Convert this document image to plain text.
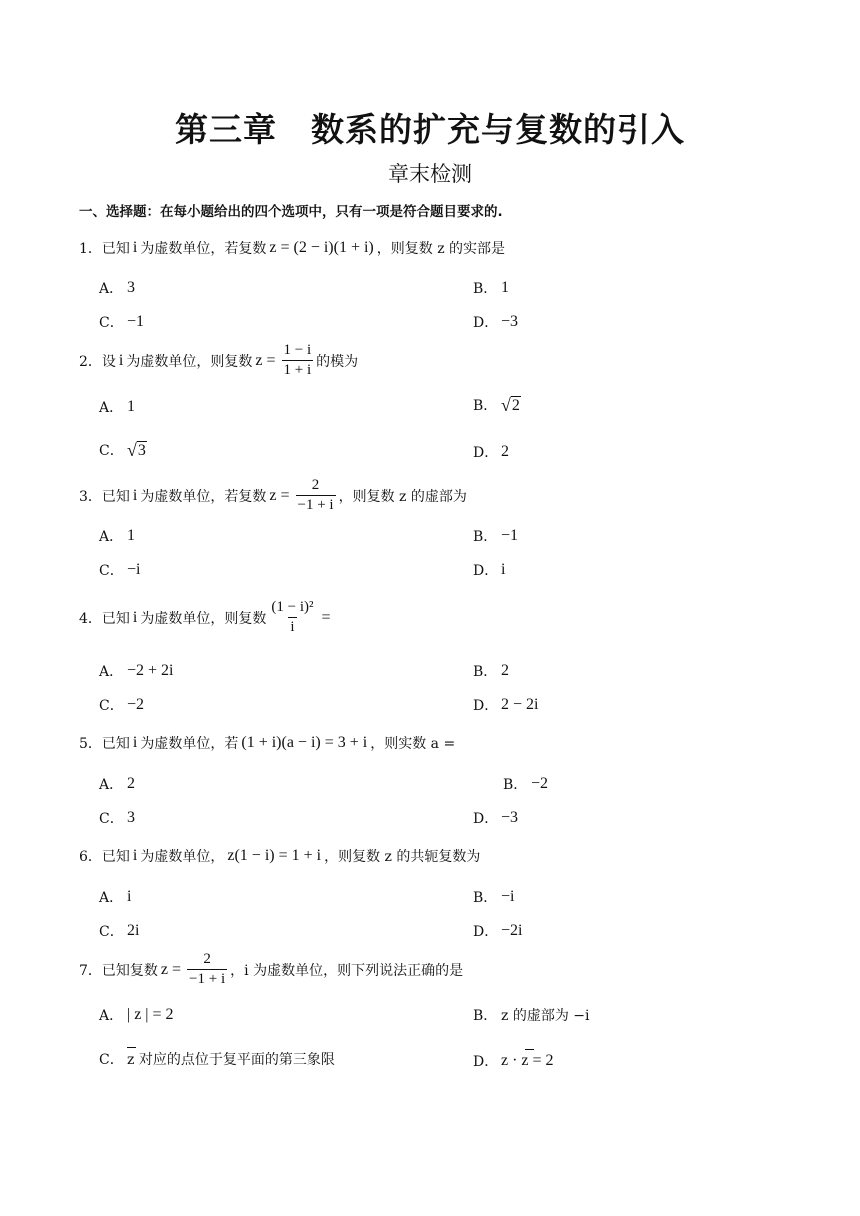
第三章　数系的扩充与复数的引入
章末检测
一、选择题：在每小题给出的四个选项中，只有一项是符合题目要求的.
1． 已知 i 为虚数单位，若复数 z = (2 − i)(1 + i) ，则复数 z 的实部是
A． 3	B． 1
C． −1	D． −3
2． 设 i 为虚数单位，则复数 $z = \frac{1 - i}{1 + i}$ 的模为
A． 1	B． √ 2
C． √ 3	D． 2
3． 已知 i 为虚数单位，若复数 $z = \frac{2}{-1 + i}$ ，则复数 z 的虚部为
A． 1	B． −1
C． −i	D． i
4． 已知 i 为虚数单位，则复数 $\frac{\text{(1 − i)²}}{i}$ =
A． −2 + 2i	B． 2
C． −2	D． 2 − 2i
5． 已知 i 为虚数单位，若 (1 + i)(a − i) = 3 + i ，则实数 a =
A． 2	B． −2
C． 3	D． −3
6． 已知 i 为虚数单位， z(1 − i) = 1 + i ，则复数 z 的共轭复数为
A． i	B． −i
C． 2i	D． −2i
7． 已知复数 $z = \frac{2}{-1 + i}$ ，i 为虚数单位，则下列说法正确的是
A． | z | = 2	B． z 的虚部为 −i
C． z 对应的点位于复平面的第三象限	D． z · z = 2
